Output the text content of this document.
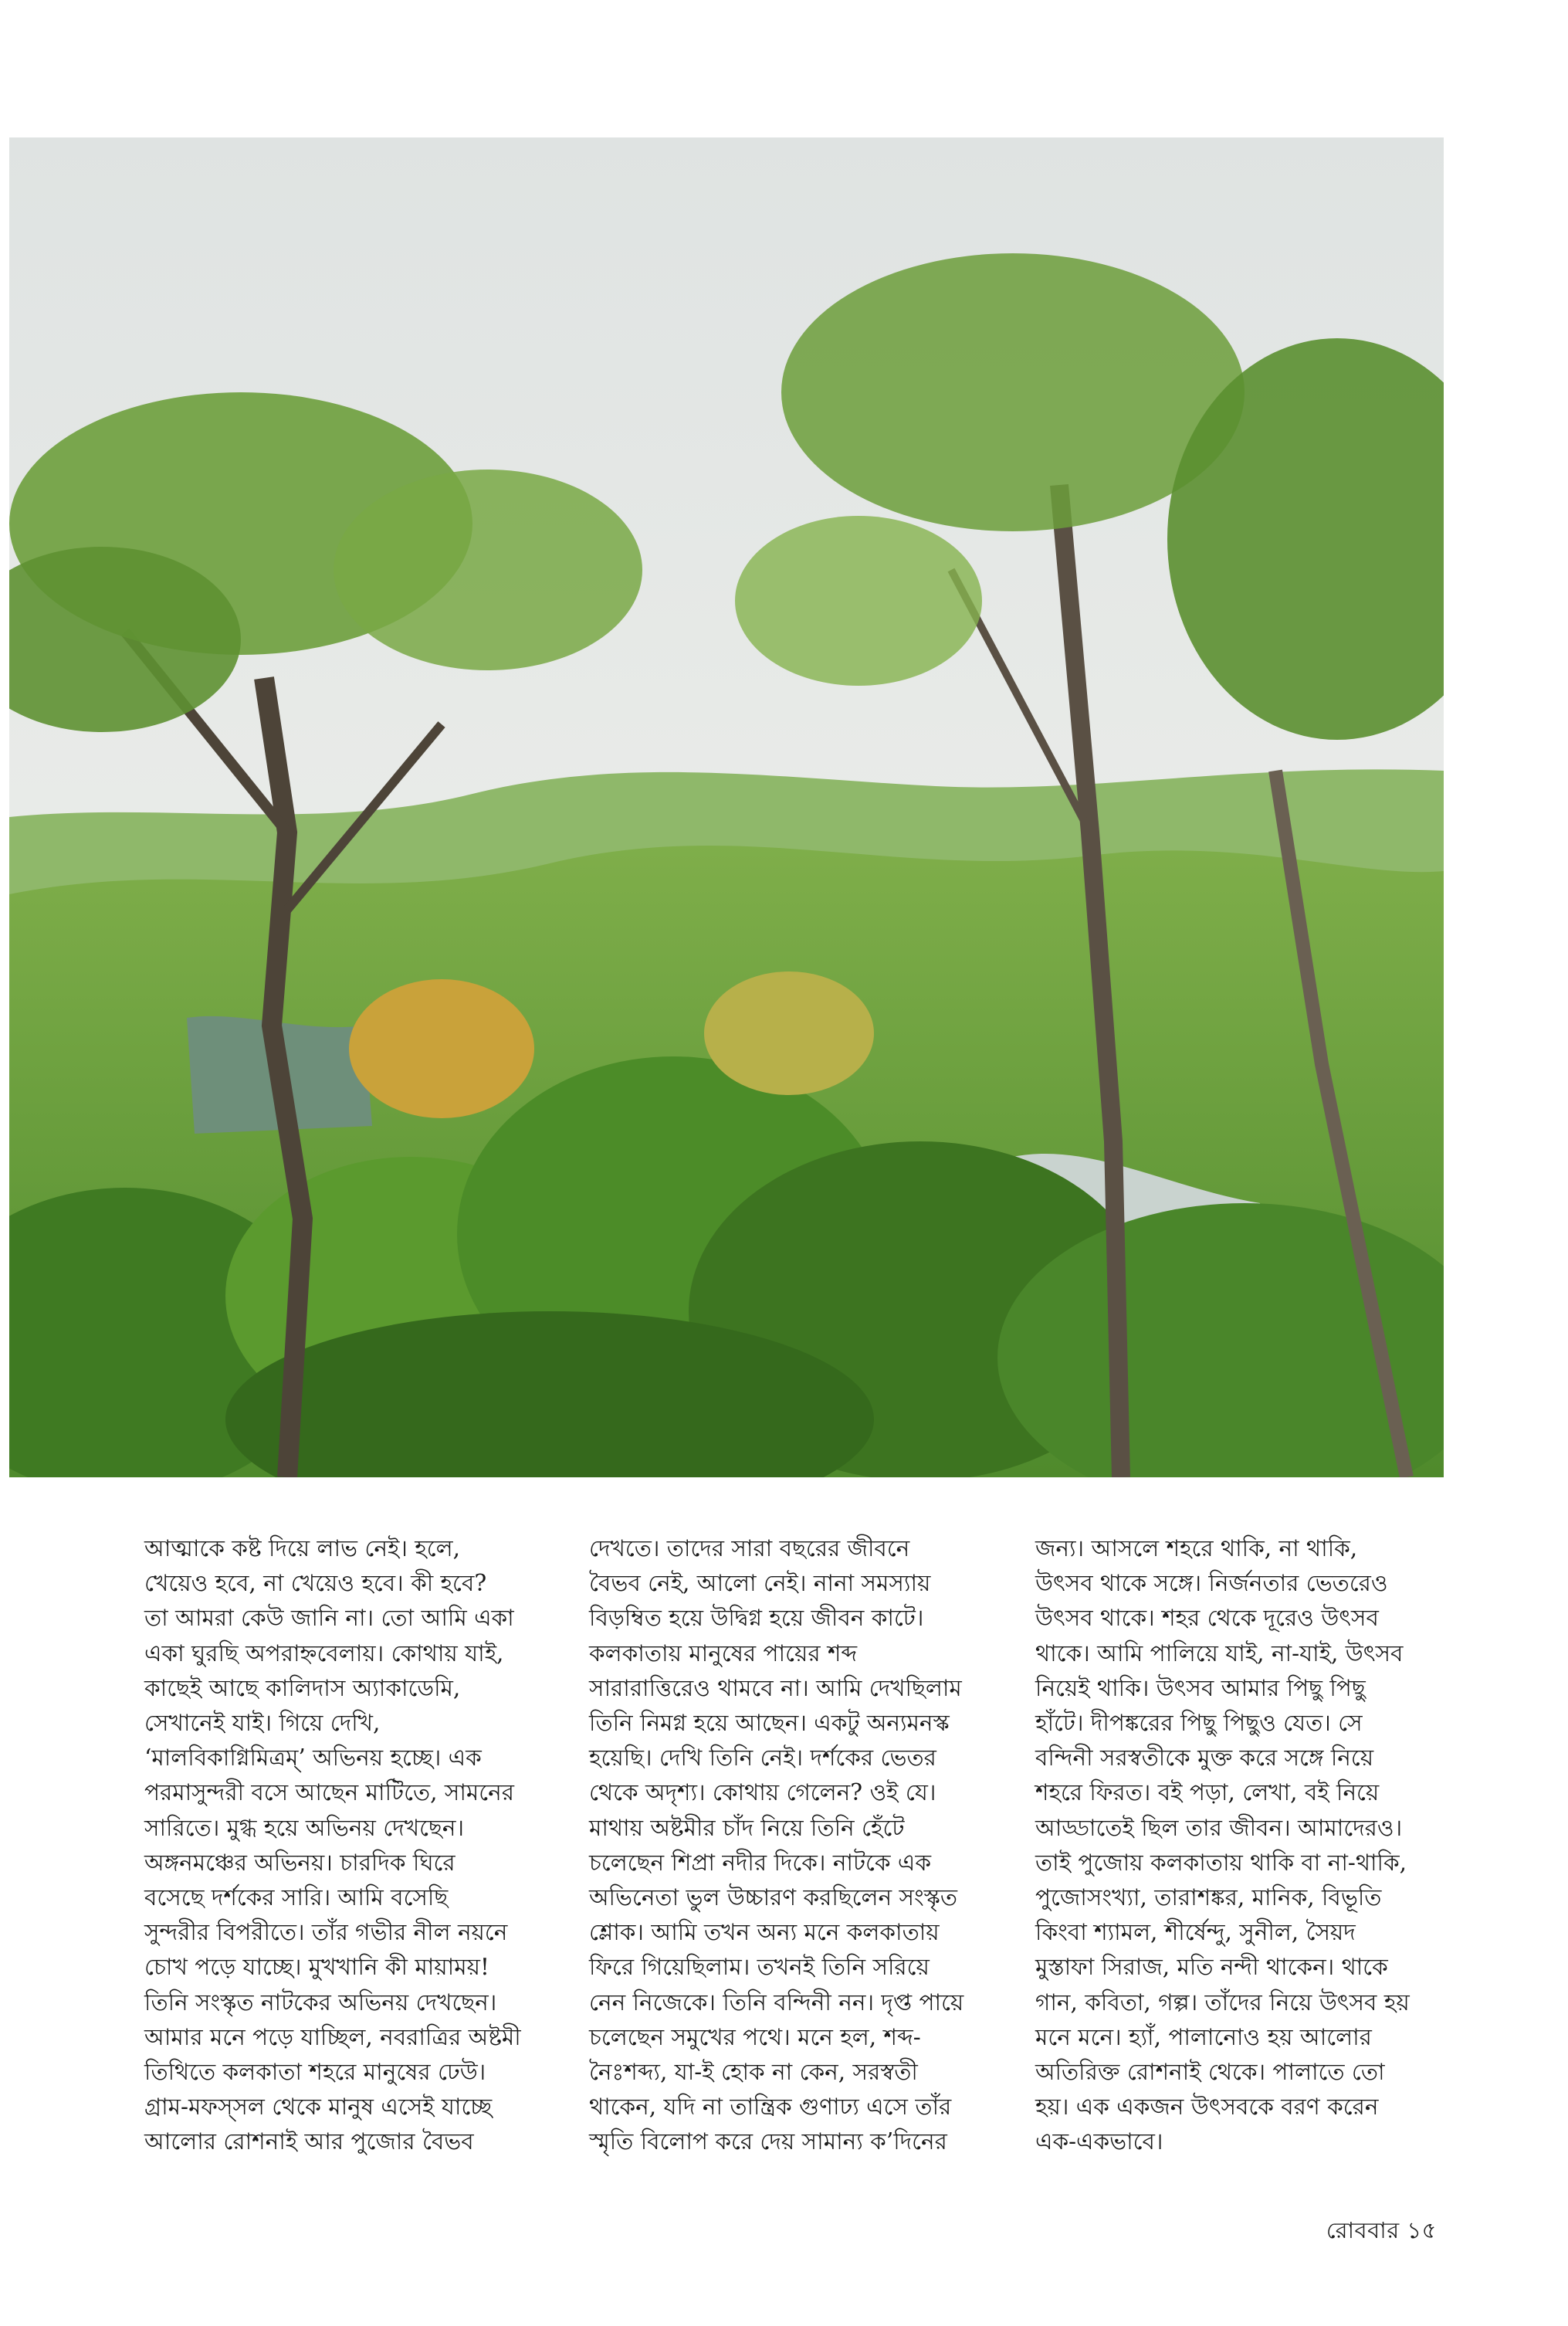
আত্মাকে কষ্ট দিয়ে লাভ নেই। হলে,

খেয়েও হবে, না খেয়েও হবে। কী হবে?

তা আমরা কেউ জানি না। তো আমি একা

একা ঘুরছি অপরাহ্নবেলায়। কোথায় যাই,

কাছেই আছে কালিদাস অ্যাকাডেমি,

সেখানেই যাই। গিয়ে দেখি,

‘মালবিকাগ্নিমিত্রম্’ অভিনয় হচ্ছে। এক

পরমাসুন্দরী বসে আছেন মাটিতে, সামনের

সারিতে। মুগ্ধ হয়ে অভিনয় দেখছেন।

অঙ্গনমঞ্চের অভিনয়। চারদিক ঘিরে

বসেছে দর্শকের সারি। আমি বসেছি

সুন্দরীর বিপরীতে। তাঁর গভীর নীল নয়নে

চোখ পড়ে যাচ্ছে। মুখখানি কী মায়াময়!

তিনি সংস্কৃত নাটকের অভিনয় দেখছেন।

আমার মনে পড়ে যাচ্ছিল, নবরাত্রির অষ্টমী

তিথিতে কলকাতা শহরে মানুষের ঢেউ।

গ্রাম-মফস্সল থেকে মানুষ এসেই যাচ্ছে

আলোর রোশনাই আর পুজোর বৈভব

দেখতে। তাদের সারা বছরের জীবনে

বৈভব নেই, আলো নেই। নানা সমস্যায়

বিড়ম্বিত হয়ে উদ্বিগ্ন হয়ে জীবন কাটে।

কলকাতায় মানুষের পায়ের শব্দ

সারারাত্তিরেও থামবে না। আমি দেখছিলাম

তিনি নিমগ্ন হয়ে আছেন। একটু অন্যমনস্ক

হয়েছি। দেখি তিনি নেই। দর্শকের ভেতর

থেকে অদৃশ্য। কোথায় গেলেন? ওই যে।

মাথায় অষ্টমীর চাঁদ নিয়ে তিনি হেঁটে

চলেছেন শিপ্রা নদীর দিকে। নাটকে এক

অভিনেতা ভুল উচ্চারণ করছিলেন সংস্কৃত

শ্লোক। আমি তখন অন্য মনে কলকাতায়

ফিরে গিয়েছিলাম। তখনই তিনি সরিয়ে

নেন নিজেকে। তিনি বন্দিনী নন। দৃপ্ত পায়ে

চলেছেন সমুখের পথে। মনে হল, শব্দ-

নৈঃশব্দ্য, যা-ই হোক না কেন, সরস্বতী

থাকেন, যদি না তান্ত্রিক গুণাঢ্য এসে তাঁর

স্মৃতি বিলোপ করে দেয় সামান্য ক’দিনের

জন্য। আসলে শহরে থাকি, না থাকি,

উৎসব থাকে সঙ্গে। নির্জনতার ভেতরেও

উৎসব থাকে। শহর থেকে দূরেও উৎসব

থাকে। আমি পালিয়ে যাই, না-যাই, উৎসব

নিয়েই থাকি। উৎসব আমার পিছু পিছু

হাঁটে। দীপঙ্করের পিছু পিছুও যেত। সে

বন্দিনী সরস্বতীকে মুক্ত করে সঙ্গে নিয়ে

শহরে ফিরত। বই পড়া, লেখা, বই নিয়ে

আড্ডাতেই ছিল তার জীবন। আমাদেরও।

তাই পুজোয় কলকাতায় থাকি বা না-থাকি,

পুজোসংখ্যা, তারাশঙ্কর, মানিক, বিভূতি

কিংবা শ্যামল, শীর্ষেন্দু, সুনীল, সৈয়দ

মুস্তাফা সিরাজ, মতি নন্দী থাকেন। থাকে

গান, কবিতা, গল্প। তাঁদের নিয়ে উৎসব হয়

মনে মনে। হ্যাঁ, পালানোও হয় আলোর

অতিরিক্ত রোশনাই থেকে। পালাতে তো

হয়। এক একজন উৎসবকে বরণ করেন

এক-একভাবে।

রোববার ১৫
